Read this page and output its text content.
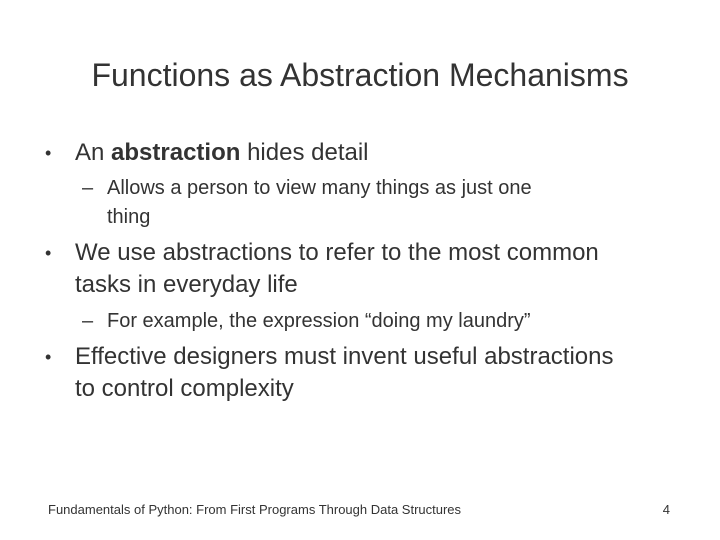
Functions as Abstraction Mechanisms
• An abstraction hides detail
– Allows a person to view many things as just one
thing
• We use abstractions to refer to the most common
tasks in everyday life
– For example, the expression “doing my laundry”
• Effective designers must invent useful abstractions
to control complexity
Fundamentals of Python: From First Programs Through Data Structures	4
